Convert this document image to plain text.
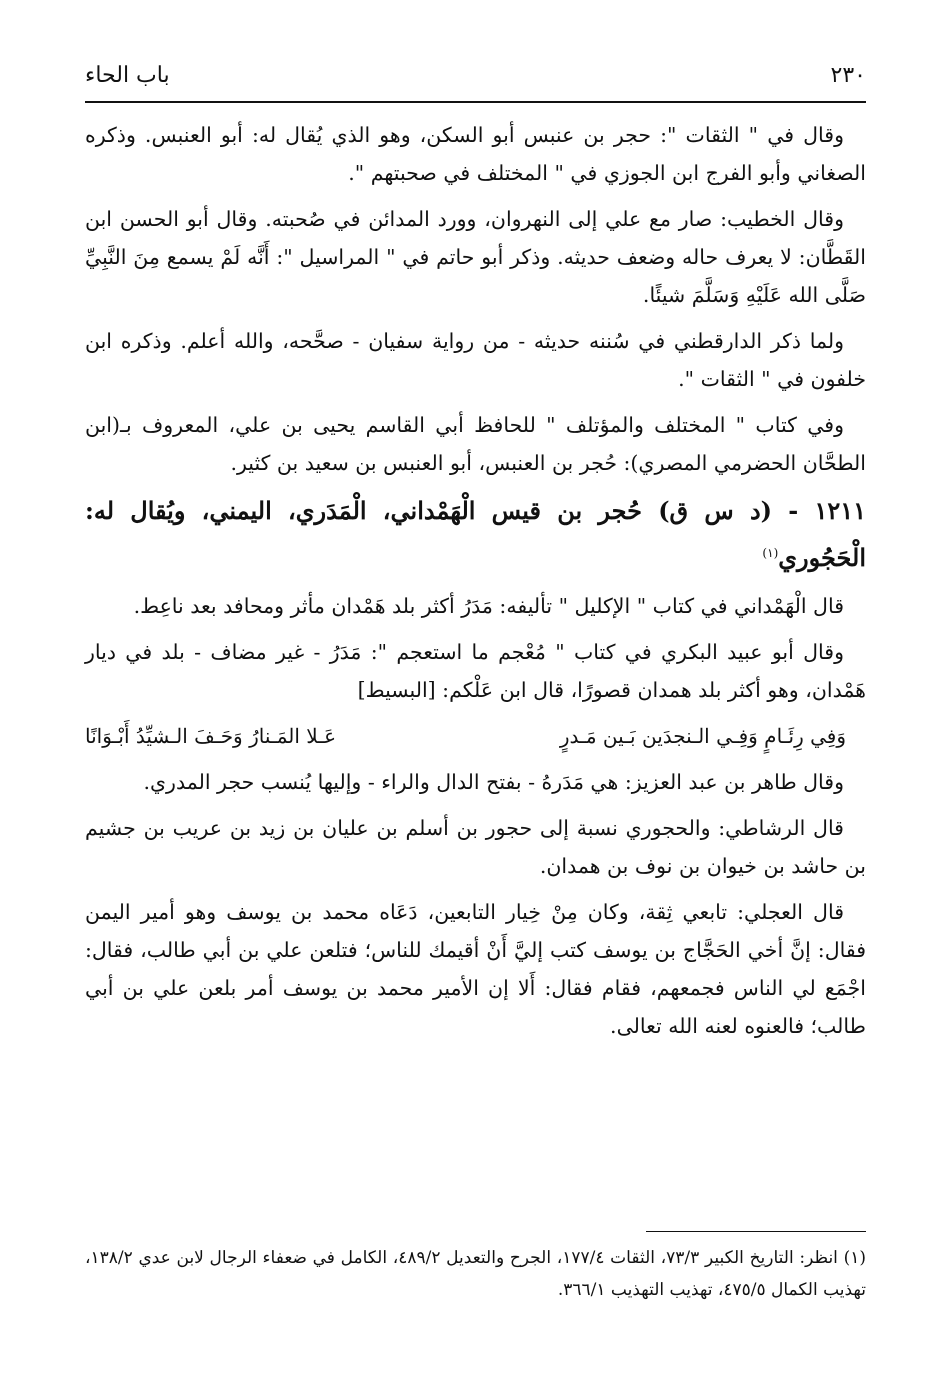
٢٣٠
باب الحاء

وقال في " الثقات ": حجر بن عنبس أبو السكن، وهو الذي يُقال له: أبو العنبس. وذكره الصغاني وأبو الفرج ابن الجوزي في " المختلف في صحبتهم ".

وقال الخطيب: صار مع علي إلى النهروان، وورد المدائن في صُحبته. وقال أبو الحسن ابن القَطَّان: لا يعرف حاله وضعف حديثه. وذكر أبو حاتم في " المراسيل ": أَنَّه لَمْ يسمع مِنَ النَّبِيِّ صَلَّى الله عَلَيْهِ وَسَلَّمَ شيئًا.

ولما ذكر الدارقطني في سُننه حديثه - من رواية سفيان - صحَّحه، والله أعلم. وذكره ابن خلفون في " الثقات ".

وفي كتاب " المختلف والمؤتلف " للحافظ أبي القاسم يحيى بن علي، المعروف بـ(ابن الطحَّان الحضرمي المصري): حُجر بن العنبس، أبو العنبس بن سعيد بن كثير.

١٢١١ - (د س ق) حُجر بن قيس الْهَمْداني، الْمَدَري، اليمني، ويُقال له: الْحَجُوري$^{(١)}$

قال الْهَمْداني في كتاب " الإكليل " تأليفه: مَدَرُ أكثر بلد هَمْدان مأثر ومحافد بعد ناعِط.

وقال أبو عبيد البكري في كتاب " مُعْجم ما استعجم ": مَدَرُ - غير مضاف - بلد في ديار هَمْدان، وهو أكثر بلد همدان قصورًا، قال ابن عَلْكم: [البسيط]

وَفِي رِئَـامٍ وَفِـي الـنجدَين بَـين مَـدرٍ
عَـلا المَـنارُ وَحَـفَ الـشيِّدُ أَبْـوَانًا

وقال طاهر بن عبد العزيز: هي مَدَرهُ - بفتح الدال والراء - وإليها يُنسب حجر المدري.

قال الرشاطي: والحجوري نسبة إلى حجور بن أسلم بن عليان بن زيد بن عريب بن جشيم بن حاشد بن خيوان بن نوف بن همدان.

قال العجلي: تابعي ثِقة، وكان مِنْ خِيار التابعين، دَعَاه محمد بن يوسف وهو أمير اليمن فقال: إنَّ أخي الحَجَّاج بن يوسف كتب إليَّ أَنْ أقيمك للناس؛ فتلعن علي بن أبي طالب، فقال: اجْمَع لي الناس فجمعهم، فقام فقال: أَلا إن الأمير محمد بن يوسف أمر بلعن علي بن أبي طالب؛ فالعنوه لعنه الله تعالى.

(١) انظر: التاريخ الكبير ٧٣/٣، الثقات ١٧٧/٤، الجرح والتعديل ٤٨٩/٢، الكامل في ضعفاء الرجال لابن عدي ١٣٨/٢، تهذيب الكمال ٤٧٥/٥، تهذيب التهذيب ٣٦٦/١.
